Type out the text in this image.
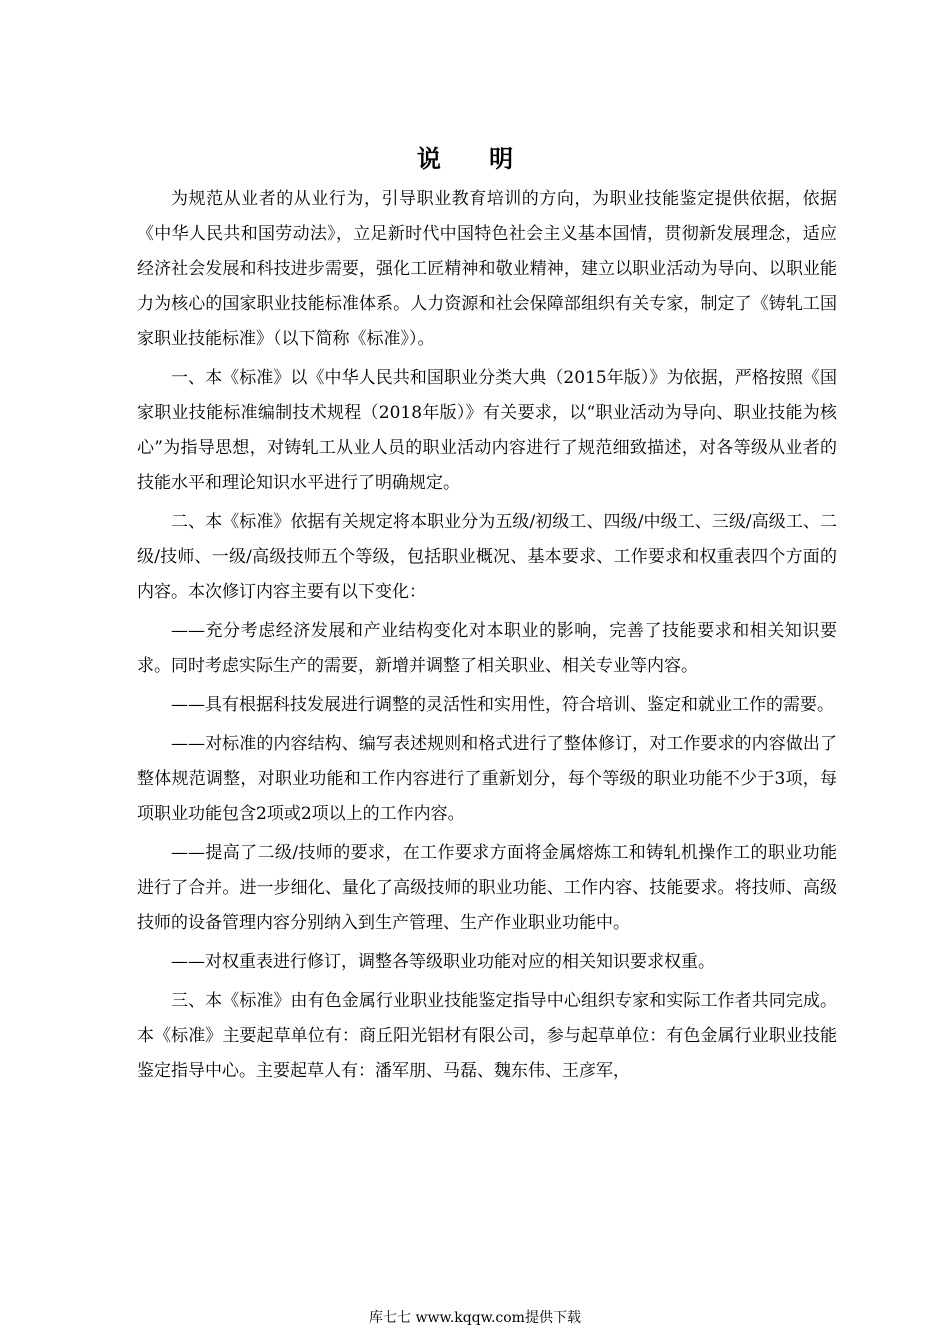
说 明

为规范从业者的从业行为，引导职业教育培训的方向，为职业技能鉴定提供依据，依据《中华人民共和国劳动法》，立足新时代中国特色社会主义基本国情，贯彻新发展理念，适应经济社会发展和科技进步需要，强化工匠精神和敬业精神，建立以职业活动为导向、以职业能力为核心的国家职业技能标准体系。人力资源和社会保障部组织有关专家，制定了《铸轧工国家职业技能标准》（以下简称《标准》）。

一、本《标准》以《中华人民共和国职业分类大典（2015年版）》为依据，严格按照《国家职业技能标准编制技术规程（2018年版）》有关要求，以“职业活动为导向、职业技能为核心”为指导思想，对铸轧工从业人员的职业活动内容进行了规范细致描述，对各等级从业者的技能水平和理论知识水平进行了明确规定。

二、本《标准》依据有关规定将本职业分为五级/初级工、四级/中级工、三级/高级工、二级/技师、一级/高级技师五个等级，包括职业概况、基本要求、工作要求和权重表四个方面的内容。本次修订内容主要有以下变化：

——充分考虑经济发展和产业结构变化对本职业的影响，完善了技能要求和相关知识要求。同时考虑实际生产的需要，新增并调整了相关职业、相关专业等内容。

——具有根据科技发展进行调整的灵活性和实用性，符合培训、鉴定和就业工作的需要。

——对标准的内容结构、编写表述规则和格式进行了整体修订，对工作要求的内容做出了整体规范调整，对职业功能和工作内容进行了重新划分，每个等级的职业功能不少于3项，每项职业功能包含2项或2项以上的工作内容。

——提高了二级/技师的要求，在工作要求方面将金属熔炼工和铸轧机操作工的职业功能进行了合并。进一步细化、量化了高级技师的职业功能、工作内容、技能要求。将技师、高级技师的设备管理内容分别纳入到生产管理、生产作业职业功能中。

——对权重表进行修订，调整各等级职业功能对应的相关知识要求权重。

三、本《标准》由有色金属行业职业技能鉴定指导中心组织专家和实际工作者共同完成。本《标准》主要起草单位有：商丘阳光铝材有限公司，参与起草单位：有色金属行业职业技能鉴定指导中心。主要起草人有：潘军朋、马磊、魏东伟、王彦军，

库七七 www.kqqw.com提供下载
